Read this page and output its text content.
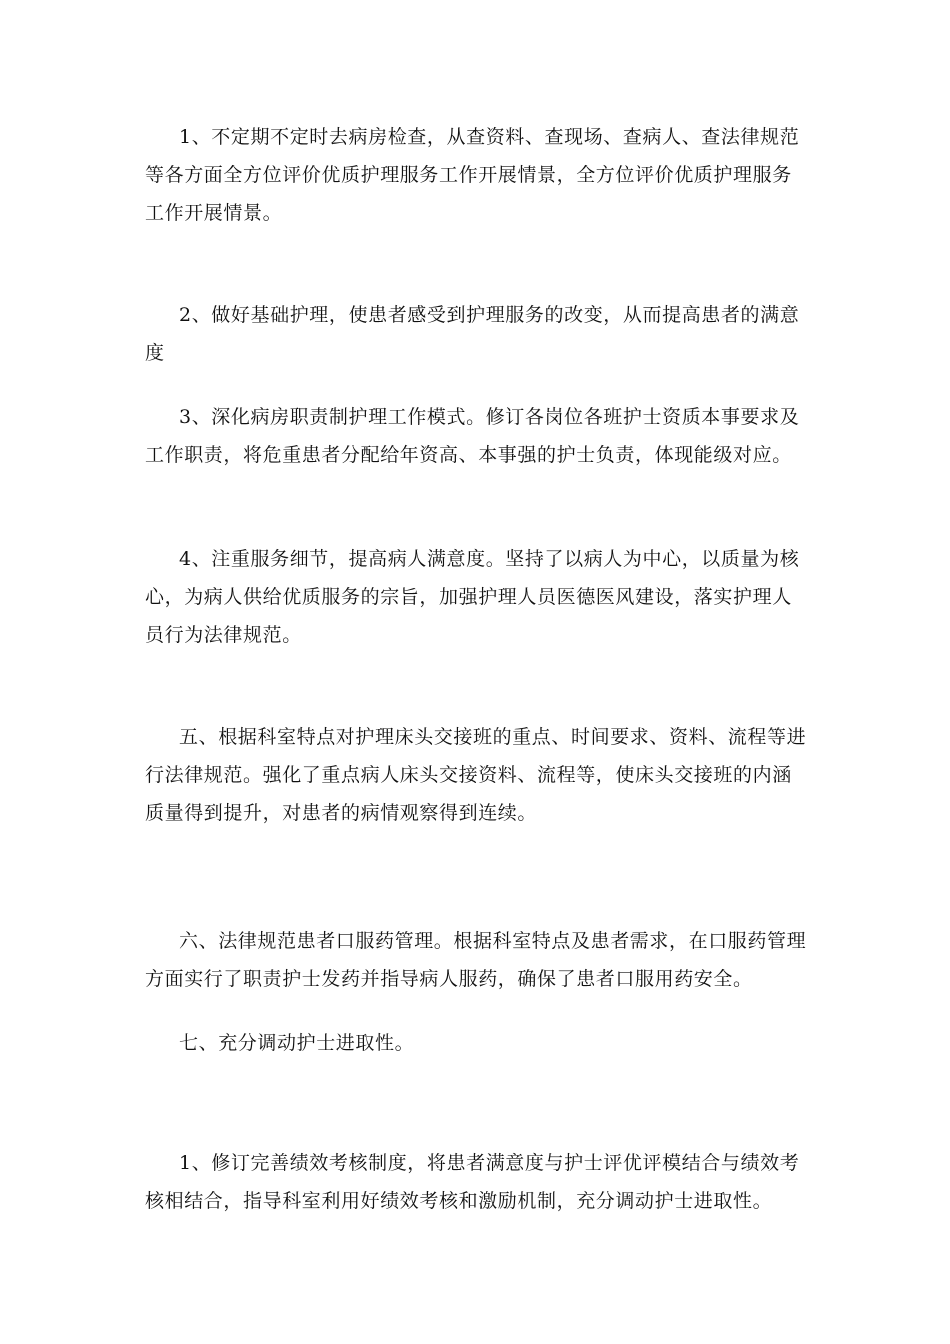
1、不定期不定时去病房检查，从查资料、查现场、查病人、查法律规范等各方面全方位评价优质护理服务工作开展情景，全方位评价优质护理服务工作开展情景。

2、做好基础护理，使患者感受到护理服务的改变，从而提高患者的满意度

3、深化病房职责制护理工作模式。修订各岗位各班护士资质本事要求及工作职责，将危重患者分配给年资高、本事强的护士负责，体现能级对应。

4、注重服务细节，提高病人满意度。坚持了以病人为中心，以质量为核心，为病人供给优质服务的宗旨，加强护理人员医德医风建设，落实护理人员行为法律规范。

五、根据科室特点对护理床头交接班的重点、时间要求、资料、流程等进行法律规范。强化了重点病人床头交接资料、流程等，使床头交接班的内涵质量得到提升，对患者的病情观察得到连续。

六、法律规范患者口服药管理。根据科室特点及患者需求，在口服药管理方面实行了职责护士发药并指导病人服药，确保了患者口服用药安全。

七、充分调动护士进取性。

1、修订完善绩效考核制度，将患者满意度与护士评优评模结合与绩效考核相结合，指导科室利用好绩效考核和激励机制，充分调动护士进取性。
